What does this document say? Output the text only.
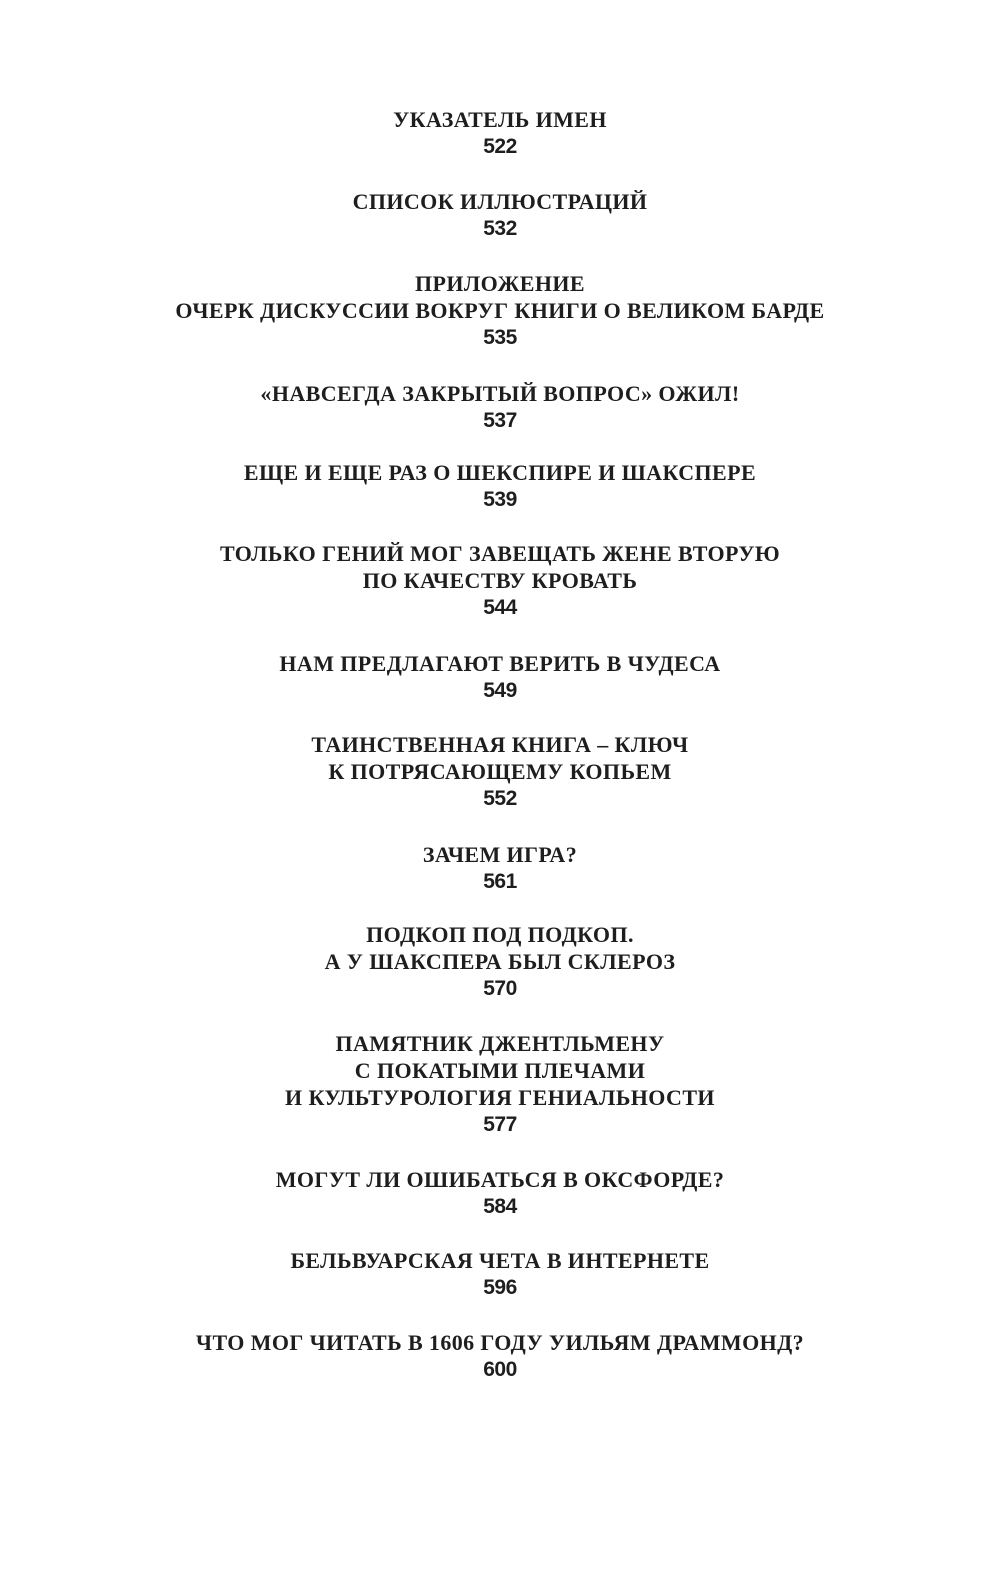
УКАЗАТЕЛЬ ИМЕН
522
СПИСОК ИЛЛЮСТРАЦИЙ
532
ПРИЛОЖЕНИЕ
ОЧЕРК ДИСКУССИИ ВОКРУГ КНИГИ О ВЕЛИКОМ БАРДЕ
535
«НАВСЕГДА ЗАКРЫТЫЙ ВОПРОС» ОЖИЛ!
537
ЕЩЕ И ЕЩЕ РАЗ О ШЕКСПИРЕ И ШАКСПЕРЕ
539
ТОЛЬКО ГЕНИЙ МОГ ЗАВЕЩАТЬ ЖЕНЕ ВТОРУЮ
ПО КАЧЕСТВУ КРОВАТЬ
544
НАМ ПРЕДЛАГАЮТ ВЕРИТЬ В ЧУДЕСА
549
ТАИНСТВЕННАЯ КНИГА – КЛЮЧ
К ПОТРЯСАЮЩЕМУ КОПЬЕМ
552
ЗАЧЕМ ИГРА?
561
ПОДКОП ПОД ПОДКОП.
А У ШАКСПЕРА БЫЛ СКЛЕРОЗ
570
ПАМЯТНИК ДЖЕНТЛЬМЕНУ
С ПОКАТЫМИ ПЛЕЧАМИ
И КУЛЬТУРОЛОГИЯ ГЕНИАЛЬНОСТИ
577
МОГУТ ЛИ ОШИБАТЬСЯ В ОКСФОРДЕ?
584
БЕЛЬВУАРСКАЯ ЧЕТА В ИНТЕРНЕТЕ
596
ЧТО МОГ ЧИТАТЬ В 1606 ГОДУ УИЛЬЯМ ДРАММОНД?
600
